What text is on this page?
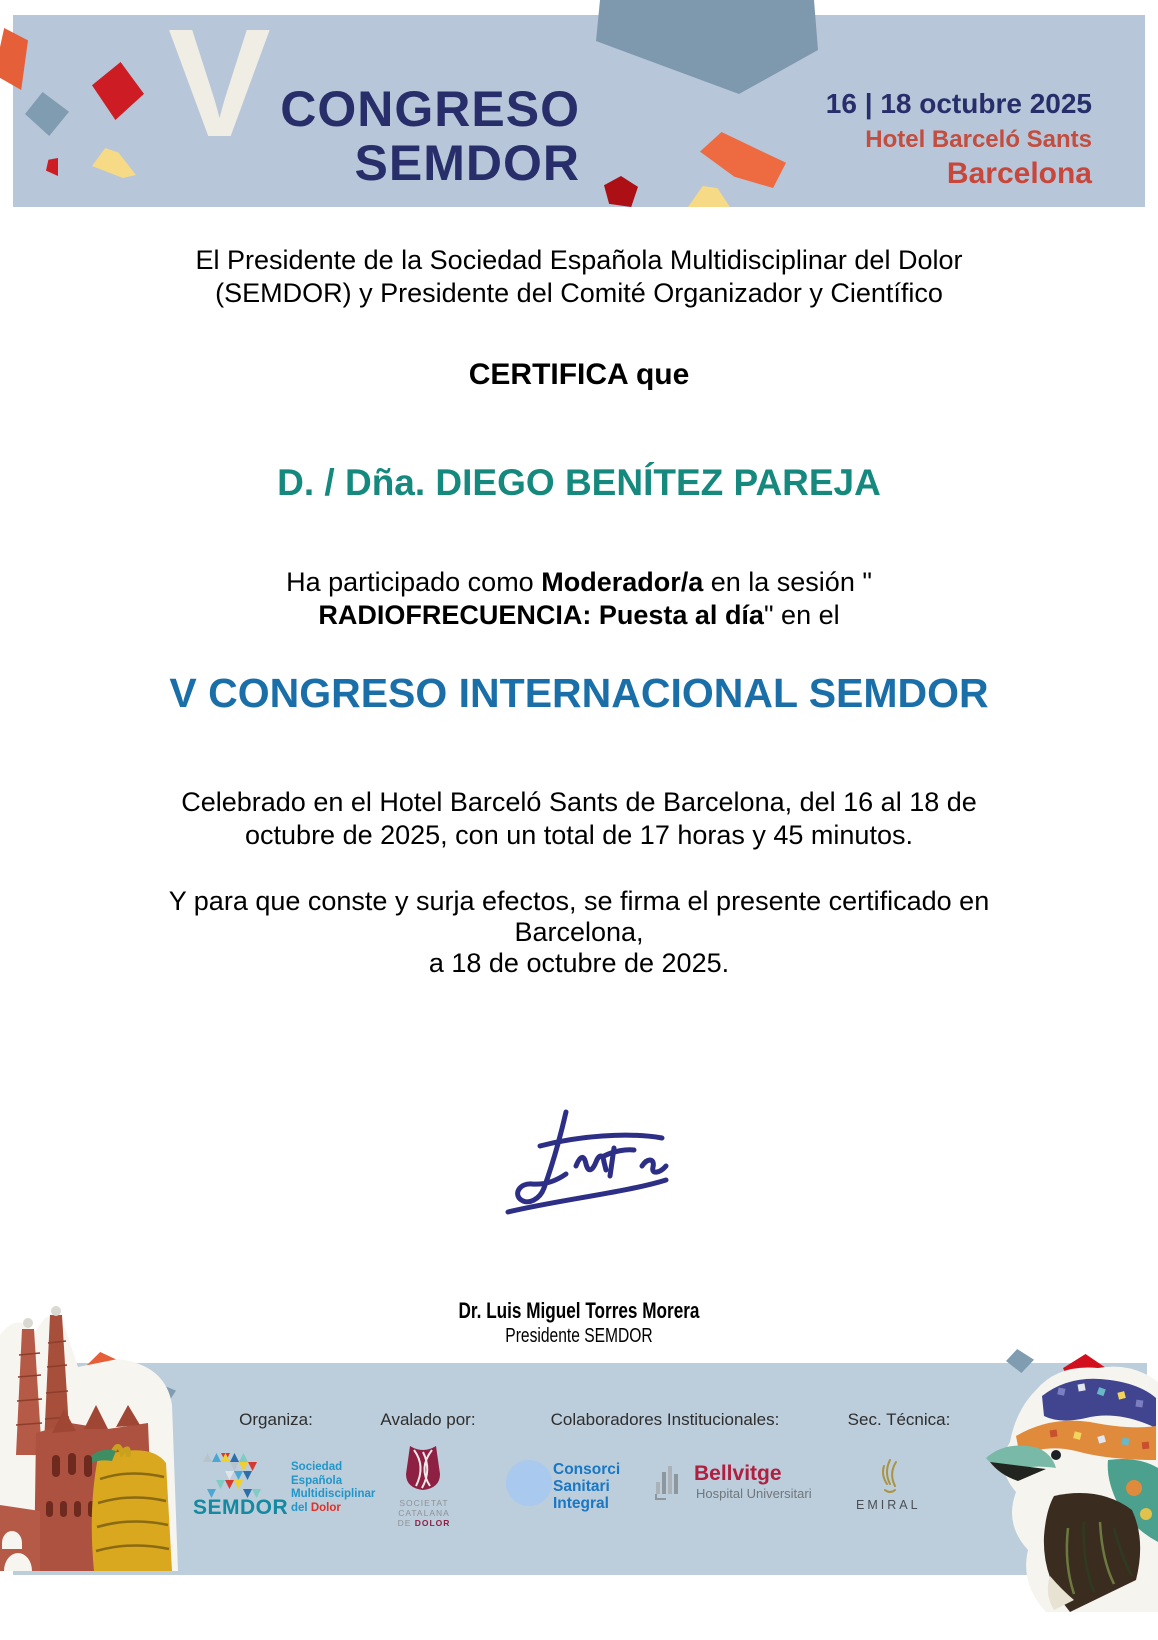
V CONGRESO
SEMDOR
16 | 18 octubre 2025
Hotel Barceló Sants
Barcelona
El Presidente de la Sociedad Española Multidisciplinar del Dolor
(SEMDOR) y Presidente del Comité Organizador y Científico
CERTIFICA que
D. / Dña. DIEGO BENÍTEZ PAREJA
Ha participado como Moderador/a en la sesión "
RADIOFRECUENCIA: Puesta al día" en el
V CONGRESO INTERNACIONAL SEMDOR
Celebrado en el Hotel Barceló Sants de Barcelona, del 16 al 18 de
octubre de 2025, con un total de 17 horas y 45 minutos.
Y para que conste y surja efectos, se firma el presente certificado en
Barcelona,
a 18 de octubre de 2025.
Dr. Luis Miguel Torres Morera
Presidente SEMDOR
Organiza:	Avalado por:	Colaboradores Institucionales:	Sec. Técnica:
SEMDOR
Sociedad
Española
Multidisciplinar
del Dolor	SOCIETAT
CATALANA
DE DOLOR
Consorci
Sanitari
Integral
Bellvitge
Hospital Universitari
EMIRAL
